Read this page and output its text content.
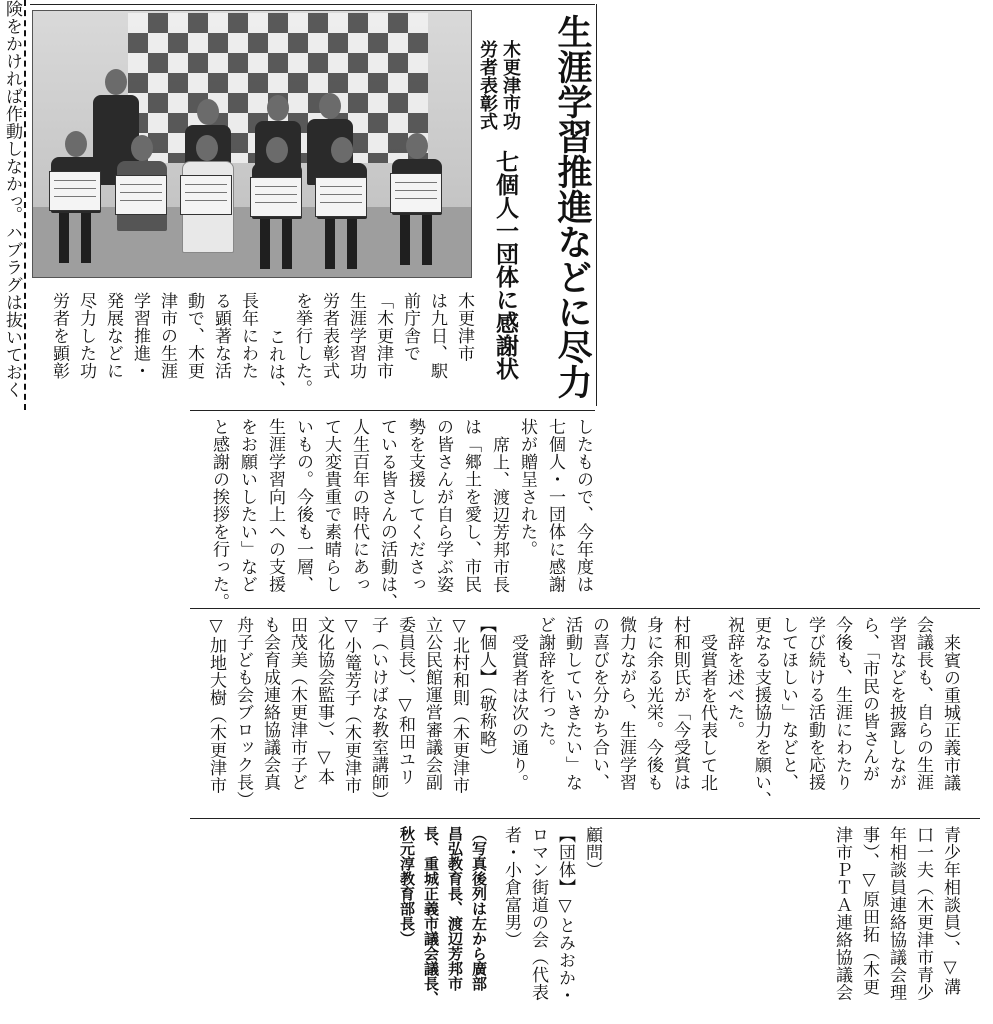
険をかければ作動しなかっ
。ハブラグは抜いておく	生涯学習推進などに尽力
七個人一団体に感謝状
木更津市功
労者表彰式
木更津市
は九日、駅
前庁舎で
「木更津市
生涯学習功
労者表彰式
を挙行した。
これは、
長年にわた
る顕著な活
動で、木更
津市の生涯
学習推進・
発展などに
尽力した功
労者を顕彰
したもので、今年度は
七個人・一団体に感謝
状が贈呈された。
席上、渡辺芳邦市長
は「郷土を愛し、市民
の皆さんが自ら学ぶ姿
勢を支援してくださっ
ている皆さんの活動は、
人生百年の時代にあっ
て大変貴重で素晴らし
いもの。今後も一層、
生涯学習向上への支援
をお願いしたい」など
と感謝の挨拶を行った。
来賓の重城正義市議
会議長も、自らの生涯
学習などを披露しなが
ら、「市民の皆さんが
今後も、生涯にわたり
学び続ける活動を応援
してほしい」などと、
更なる支援協力を願い、
祝辞を述べた。
受賞者を代表して北
村和則氏が「今受賞は
身に余る光栄。今後も
微力ながら、生涯学習
の喜びを分かち合い、
活動していきたい」な
ど謝辞を行った。
受賞者は次の通り。
【個人】（敬称略）
▽北村和則（木更津市
立公民館運営審議会副
委員長）、▽和田ユリ
子（いけばな教室講師）
▽小篭芳子（木更津市
文化協会監事）、▽本
田茂美（木更津市子ど
も会育成連絡協議会真
舟子ども会ブロック長）
▽加地大樹（木更津市
青少年相談員）、▽溝
口一夫（木更津市青少
年相談員連絡協議会理
事）、▽原田拓（木更
津市ＰＴＡ連絡協議会
顧問）
【団体】▽とみおか・
ロマン街道の会（代表
者・小倉富男）
（写真後列は左から廣部
昌弘教育長、渡辺芳邦市
長、重城正義市議会議長、
秋元淳教育部長）
